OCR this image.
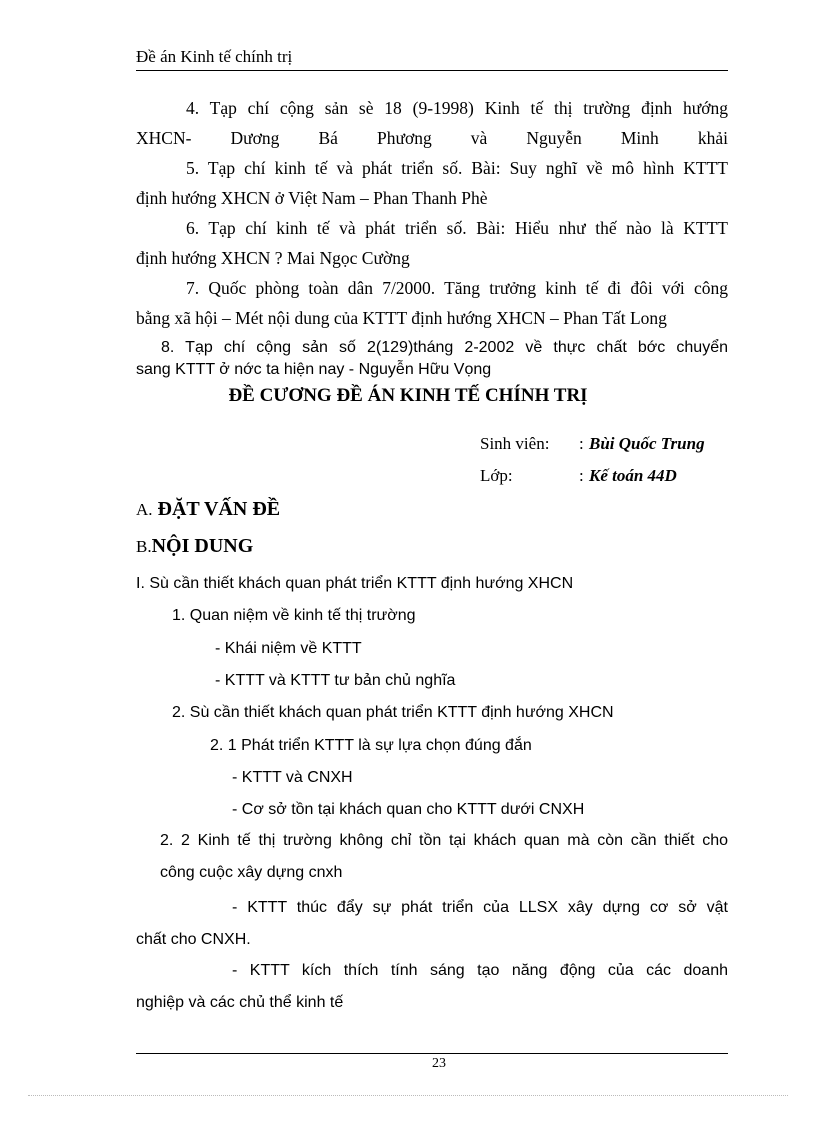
Đề án Kinh tế chính trị
4. Tạp chí cộng sản sè 18 (9-1998) Kinh tế thị trường định hướng
XHCN- Dương Bá Phương và Nguyễn Minh khải
5. Tạp chí kinh tế và phát triển số. Bài: Suy nghĩ về mô hình KTTT
định hướng XHCN ở Việt Nam – Phan Thanh Phè
6. Tạp chí kinh tế và phát triển số. Bài: Hiểu như thế nào là KTTT
định hướng XHCN ? Mai Ngọc Cường
7. Quốc phòng toàn dân 7/2000. Tăng trưởng kinh tế đi đôi với công
bằng xã hội – Mét nội dung của KTTT định hướng XHCN – Phan Tất Long
8. Tạp chí cộng sản số 2(129)tháng 2-2002 về thực chất bớc chuyển
sang KTTT ở nớc ta hiện nay - Nguyễn Hữu Vọng
ĐỀ CƯƠNG ĐỀ ÁN KINH TẾ CHÍNH TRỊ
Sinh viên: : Bùi Quốc Trung
Lớp:	: Kế toán 44D
A. ĐẶT VẤN ĐỀ
B.NỘI DUNG
I. Sù cần thiết khách quan phát triển KTTT định hướng XHCN
1. Quan niệm về kinh tế thị trường
- Khái niệm về KTTT
- KTTT và KTTT tư bản chủ nghĩa
2. Sù cần thiết khách quan phát triển KTTT định hướng XHCN
2. 1 Phát triển KTTT là sự lựa chọn đúng đắn
- KTTT và CNXH
- Cơ sở tồn tại khách quan cho KTTT dưới CNXH
2. 2 Kinh tế thị trường không chỉ tồn tại khách quan mà còn cần thiết cho
công cuộc xây dựng cnxh
- KTTT thúc đẩy sự phát triển của LLSX xây dựng cơ sở vật
chất cho CNXH.
- KTTT kích thích tính sáng tạo năng động của các doanh
nghiệp và các chủ thể kinh tế
23
